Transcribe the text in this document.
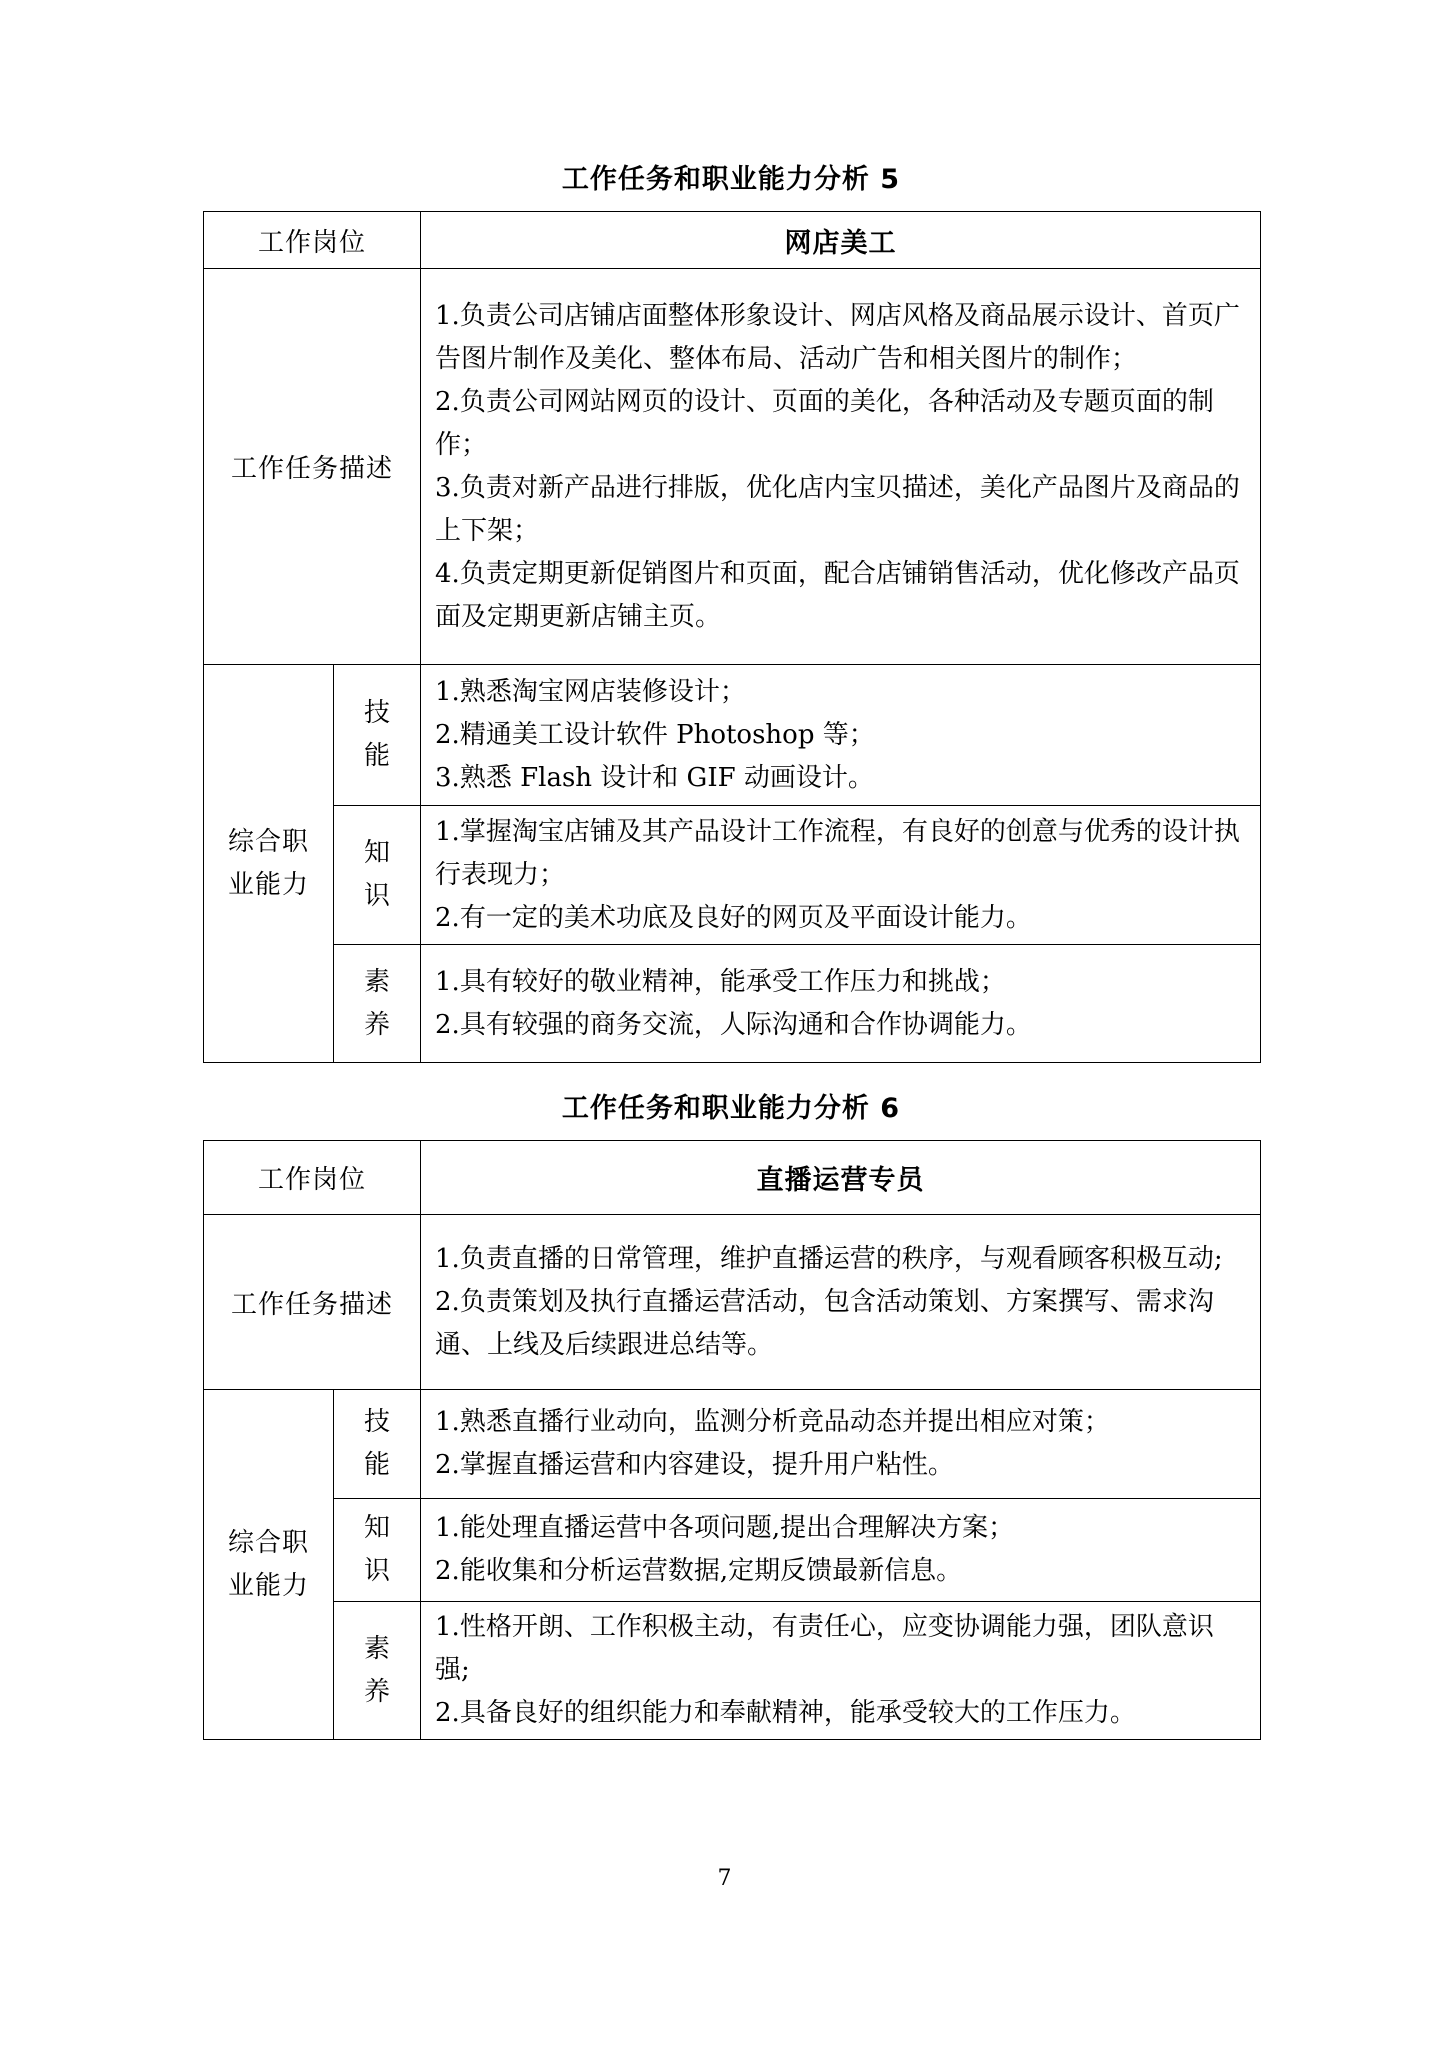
工作任务和职业能力分析 5
工作岗位		网店美工
工作任务描述		1.负责公司店铺店面整体形象设计、网店风格及商品展示设计、首页广告图片制作及美化、整体布局、活动广告和相关图片的制作；
2.负责公司网站网页的设计、页面的美化，各种活动及专题页面的制作；
3.负责对新产品进行排版，优化店内宝贝描述，美化产品图片及商品的上下架；
4.负责定期更新促销图片和页面，配合店铺销售活动，优化修改产品页面及定期更新店铺主页。

综合职业能力	技能	1.熟悉淘宝网店装修设计；
2.精通美工设计软件 Photoshop 等；
3.熟悉 Flash 设计和 GIF 动画设计。

	知识	1.掌握淘宝店铺及其产品设计工作流程，有良好的创意与优秀的设计执行表现力；
2.有一定的美术功底及良好的网页及平面设计能力。

	素养	1.具有较好的敬业精神，能承受工作压力和挑战；
2.具有较强的商务交流，人际沟通和合作协调能力。
工作任务和职业能力分析 6
工作岗位		直播运营专员
工作任务描述		1.负责直播的日常管理，维护直播运营的秩序，与观看顾客积极互动;
2.负责策划及执行直播运营活动，包含活动策划、方案撰写、需求沟通、上线及后续跟进总结等。

综合职业能力	技能	1.熟悉直播行业动向，监测分析竞品动态并提出相应对策；
2.掌握直播运营和内容建设，提升用户粘性。

	知识	1.能处理直播运营中各项问题,提出合理解决方案；
2.能收集和分析运营数据,定期反馈最新信息。

	素养	1.性格开朗、工作积极主动，有责任心，应变协调能力强，团队意识强;
2.具备良好的组织能力和奉献精神，能承受较大的工作压力。
7
